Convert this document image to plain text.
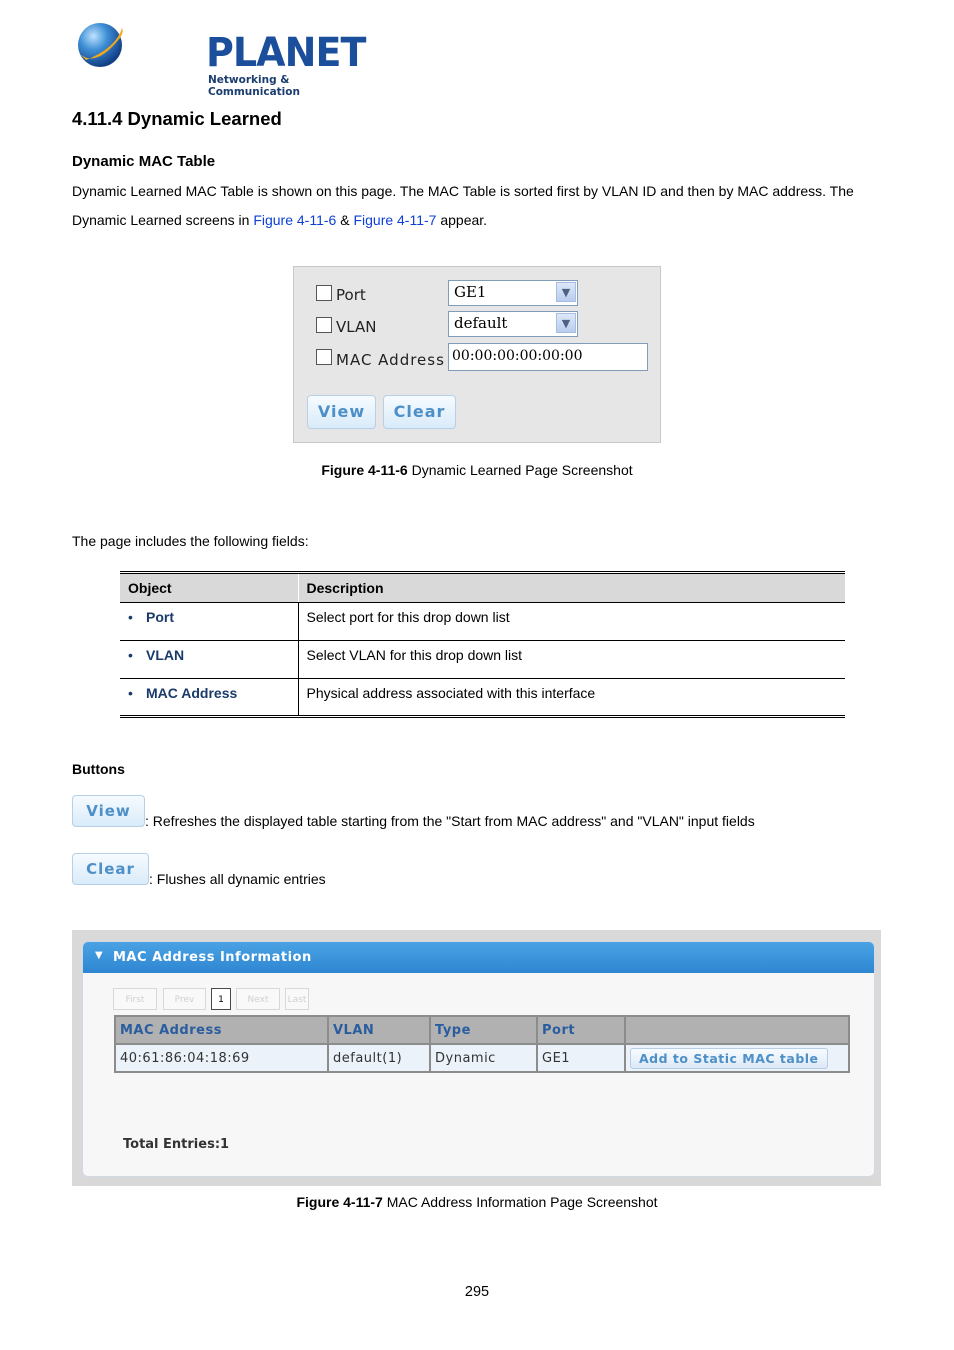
PLANET
Networking & Communication
4.11.4 Dynamic Learned
Dynamic MAC Table
Dynamic Learned MAC Table is shown on this page. The MAC Table is sorted first by VLAN ID and then by MAC address. The
Dynamic Learned screens in Figure 4-11-6 & Figure 4-11-7 appear.
Port	GE1	▼
VLAN	default	▼
MAC Address 00:00:00:00:00:00
View	Clear
Figure 4-11-6 Dynamic Learned Page Screenshot
The page includes the following fields:
Object	Description
• Port	Select port for this drop down list
• VLAN	Select VLAN for this drop down list
• MAC Address	Physical address associated with this interface
Buttons
View
: Refreshes the displayed table starting from the "Start from MAC address" and "VLAN" input fields
Clear
: Flushes all dynamic entries
▼ MAC Address Information
First	Prev	1	Next	Last
MAC Address	VLAN	Type	Port	
40:61:86:04:18:69	default(1)	Dynamic	GE1	Add to Static MAC table
Total Entries:1
Figure 4-11-7 MAC Address Information Page Screenshot
295
